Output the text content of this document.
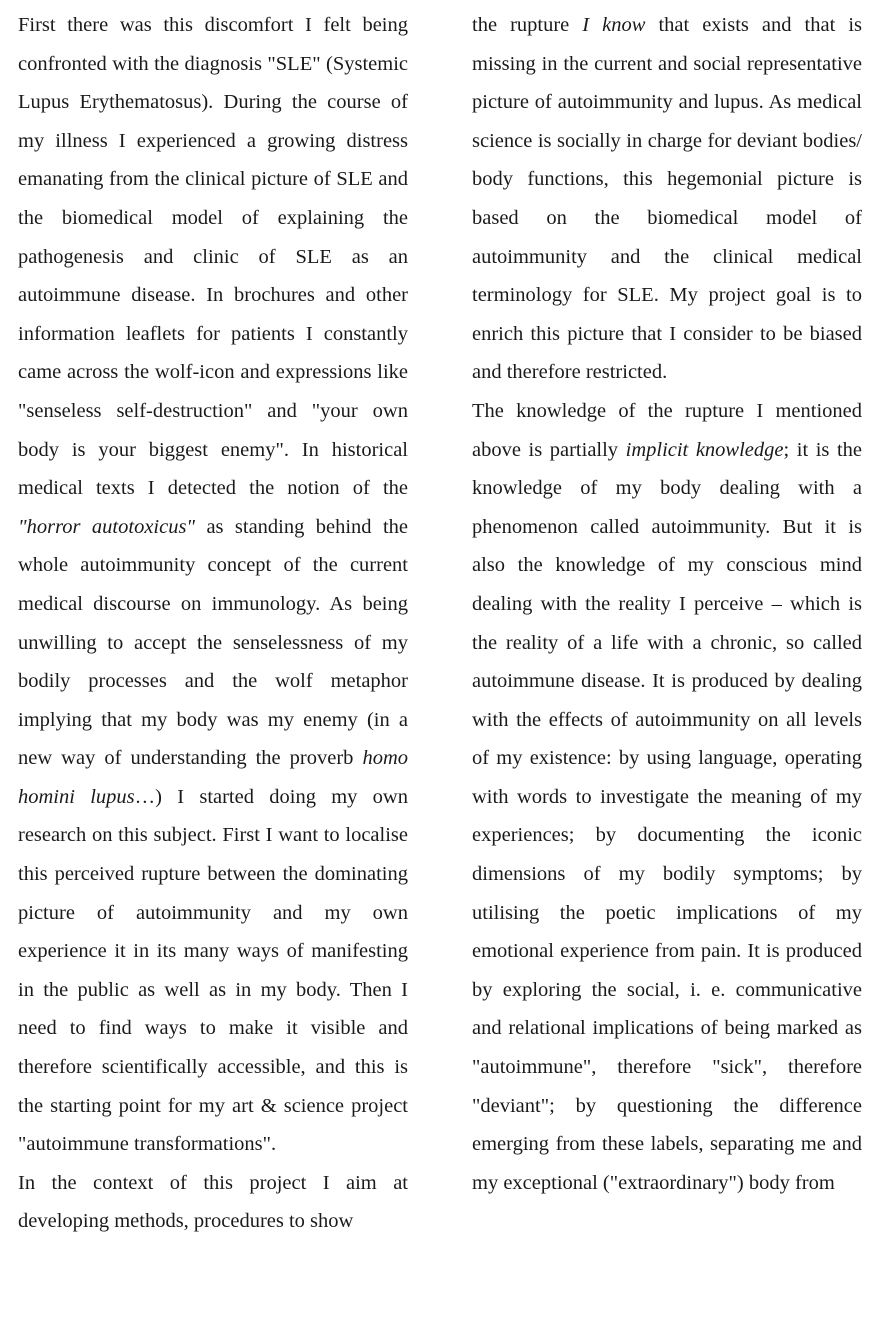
First there was this discomfort I felt being confronted with the diagnosis "SLE" (Systemic Lupus Erythematosus). During the course of my illness I experienced a growing distress emanating from the clinical picture of SLE and the biomedical model of explaining the pathogenesis and clinic of SLE as an autoimmune disease. In brochures and other information leaflets for patients I constantly came across the wolf-icon and expressions like "senseless self-destruction" and "your own body is your biggest enemy". In historical medical texts I detected the notion of the "horror autotoxicus" as standing behind the whole autoimmunity concept of the current medical discourse on immunology. As being unwilling to accept the senselessness of my bodily processes and the wolf metaphor implying that my body was my enemy (in a new way of understanding the proverb homo homini lupus…) I started doing my own research on this subject. First I want to localise this perceived rupture between the dominating picture of autoimmunity and my own experience it in its many ways of manifesting in the public as well as in my body. Then I need to find ways to make it visible and therefore scientifically accessible, and this is the starting point for my art & science project "autoimmune transformations".

In the context of this project I aim at developing methods, procedures to show

the rupture I know that exists and that is missing in the current and social representative picture of autoimmunity and lupus. As medical science is socially in charge for deviant bodies/ body functions, this hegemonial picture is based on the biomedical model of autoimmunity and the clinical medical terminology for SLE. My project goal is to enrich this picture that I consider to be biased and therefore restricted.

The knowledge of the rupture I mentioned above is partially implicit knowledge; it is the knowledge of my body dealing with a phenomenon called autoimmunity. But it is also the knowledge of my conscious mind dealing with the reality I perceive – which is the reality of a life with a chronic, so called autoimmune disease. It is produced by dealing with the effects of autoimmunity on all levels of my existence: by using language, operating with words to investigate the meaning of my experiences; by documenting the iconic dimensions of my bodily symptoms; by utilising the poetic implications of my emotional experience from pain. It is produced by exploring the social, i. e. communicative and relational implications of being marked as "autoimmune", therefore "sick", therefore "deviant"; by questioning the difference emerging from these labels, separating me and my exceptional ("extraordinary") body from
